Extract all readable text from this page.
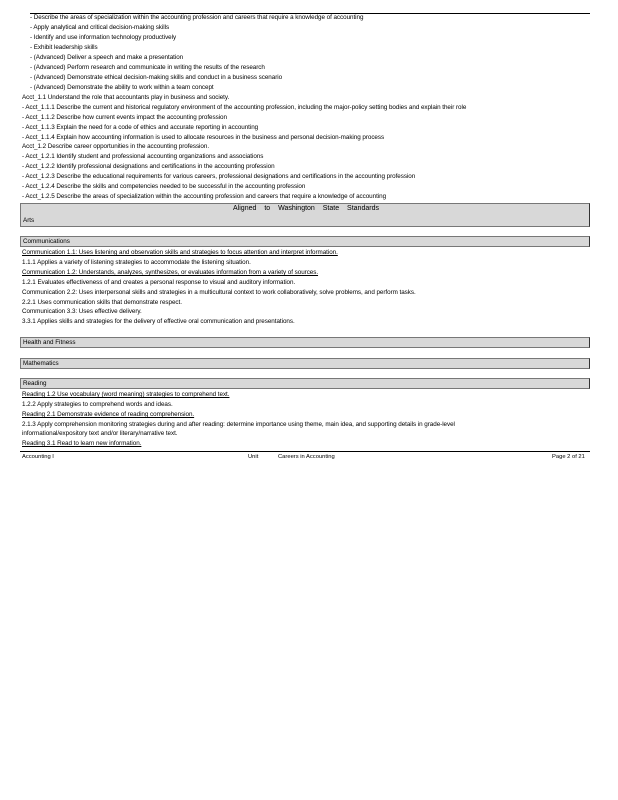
- Describe the areas of specialization within the accounting profession and careers that require a knowledge of accounting
- Apply analytical and critical decision-making skills
- Identify and use information technology productively
- Exhibit leadership skills
- (Advanced) Deliver a speech and make a presentation
- (Advanced) Perform research and communicate in writing the results of the research
- (Advanced) Demonstrate ethical decision-making skills and conduct in a business scenario
- (Advanced) Demonstrate the ability to work within a team concept
Acct_1.1 Understand the role that accountants play in business and society.
- Acct_1.1.1 Describe the current and historical regulatory environment of the accounting profession, including the major-policy setting bodies and explain their role
- Acct_1.1.2 Describe how current events impact the accounting profession
- Acct_1.1.3 Explain the need for a code of ethics and accurate reporting in accounting
- Acct_1.1.4 Explain how accounting information is used to allocate resources in the business and personal decision-making process
Acct_1.2 Describe career opportunities in the accounting profession.
- Acct_1.2.1 Identify student and professional accounting organizations and associations
- Acct_1.2.2 Identify professional designations and certifications in the accounting profession
- Acct_1.2.3 Describe the educational requirements for various careers, professional designations and certifications in the accounting profession
- Acct_1.2.4 Describe the skills and competencies needed to be successful in the accounting profession
- Acct_1.2.5 Describe the areas of specialization within the accounting profession and careers that require a knowledge of accounting
Aligned to Washington State Standards
Arts
Communications
Communication 1.1: Uses listening and observation skills and strategies to focus attention and interpret information.
1.1.1 Applies a variety of listening strategies to accommodate the listening situation.
Communication 1.2: Understands, analyzes, synthesizes, or evaluates information from a variety of sources.
1.2.1 Evaluates effectiveness of and creates a personal response to visual and auditory information.
Communication 2.2: Uses interpersonal skills and strategies in a multicultural context to work collaboratively, solve problems, and perform tasks.
2.2.1 Uses communication skills that demonstrate respect.
Communication 3.3: Uses effective delivery.
3.3.1 Applies skills and strategies for the delivery of effective oral communication and presentations.
Health and Fitness
Mathematics
Reading
Reading 1.2 Use vocabulary (word meaning) strategies to comprehend text.
1.2.2 Apply strategies to comprehend words and ideas.
Reading 2.1 Demonstrate evidence of reading comprehension.
2.1.3 Apply comprehension monitoring strategies during and after reading: determine importance using theme, main idea, and supporting details in grade-level
informational/expository text and/or literary/narrative text.
Reading 3.1 Read to learn new information.
Accounting I	Unit	Careers in Accounting	Page 2 of 21
